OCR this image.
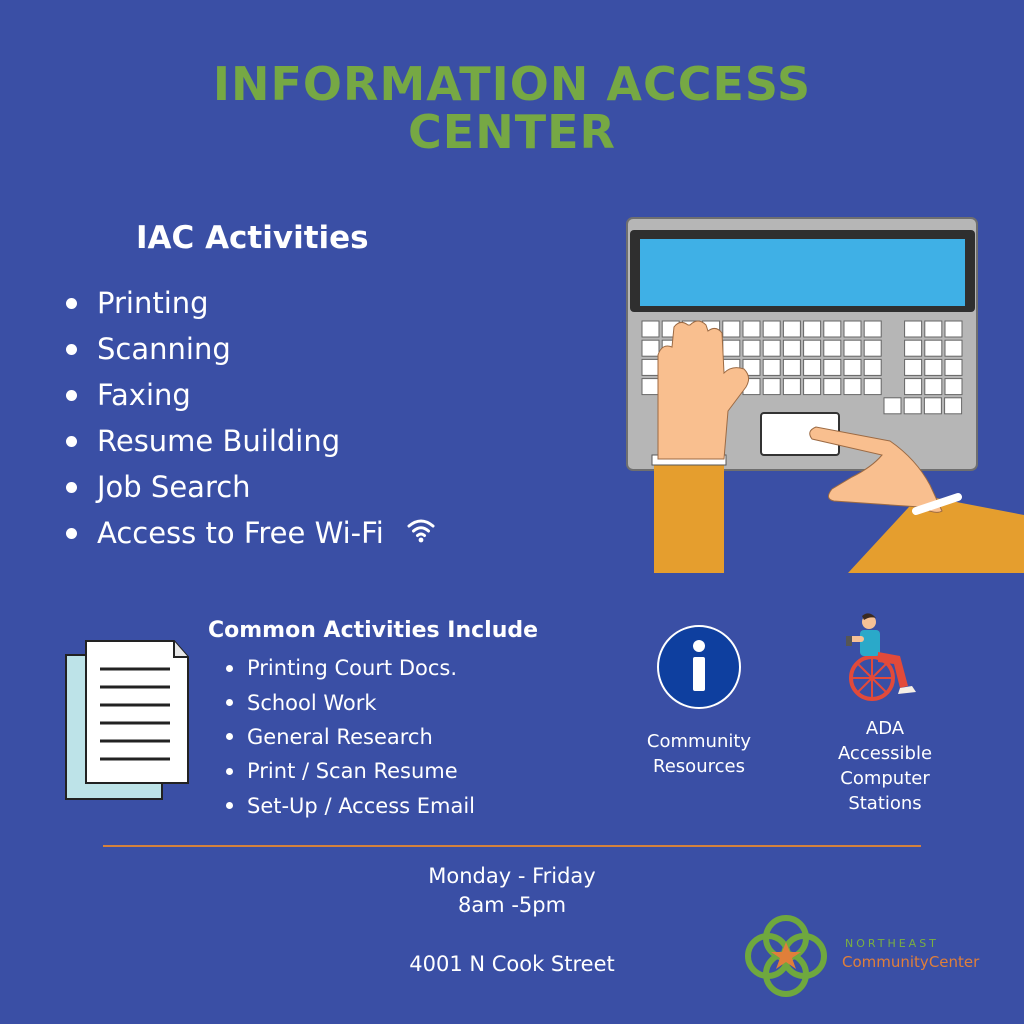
INFORMATION ACCESS
CENTER
IAC Activities
Printing
Scanning
Faxing
Resume Building
Job Search
Access to Free Wi-Fi
Common Activities Include
Printing Court Docs.
School Work
General Research
Print / Scan Resume
Set-Up / Access Email
Community
Resources
ADA
Accessible
Computer
Stations
Monday - Friday
8am -5pm
4001 N Cook Street
NORTHEAST
CommunityCenter
